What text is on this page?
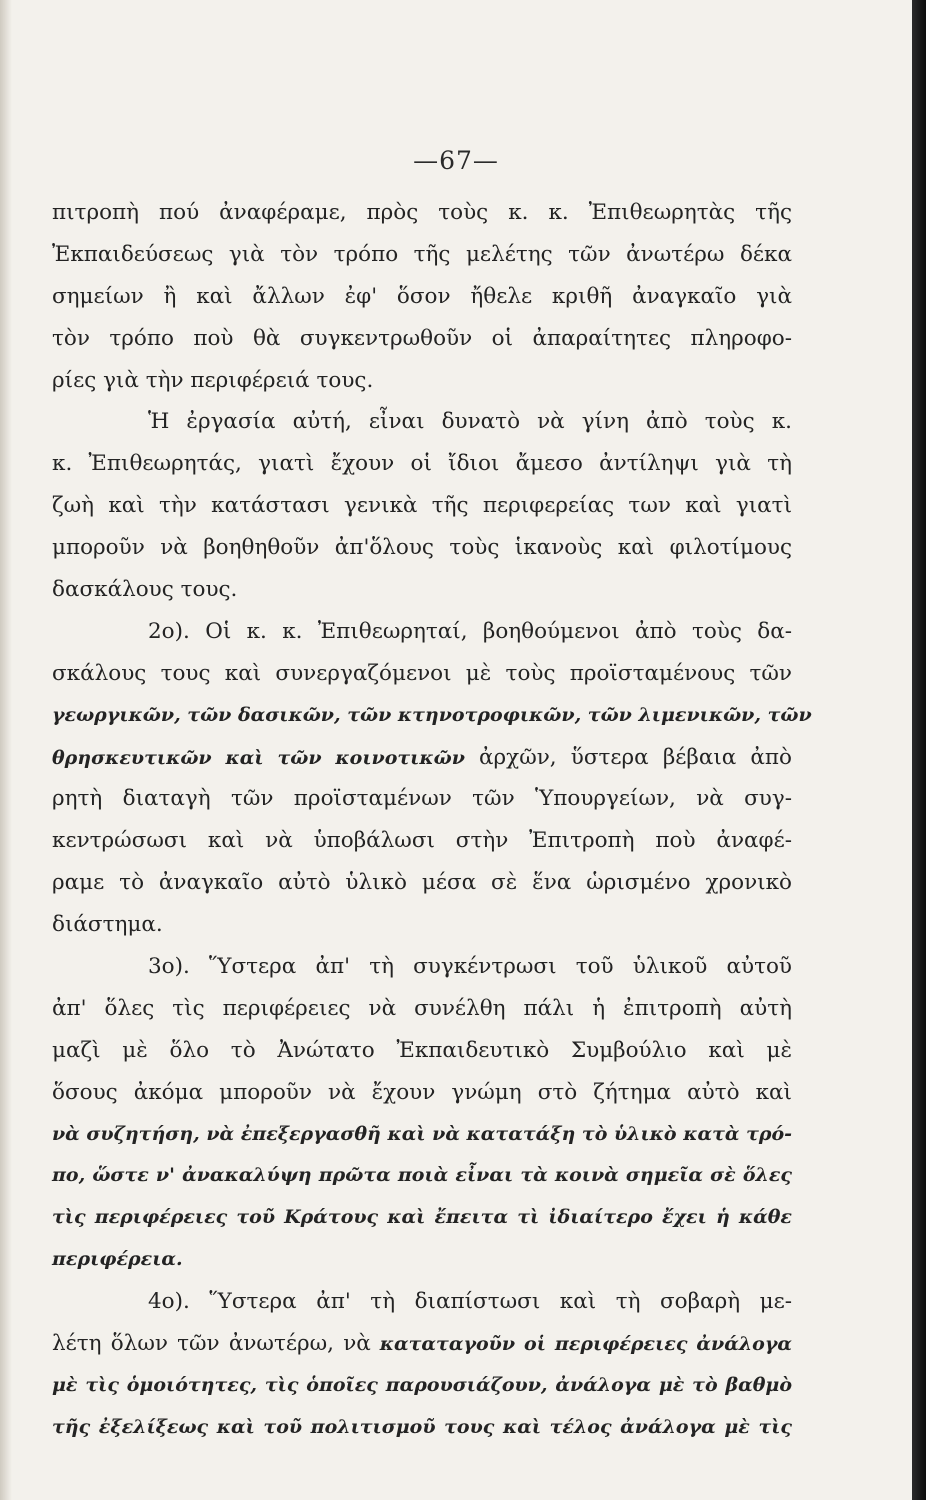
—67—
πιτροπὴ πού ἀναφέραμε, πρὸς τοὺς κ. κ. Ἐπιθεωρητὰς τῆς
Ἐκπαιδεύσεως γιὰ τὸν τρόπο τῆς μελέτης τῶν ἀνωτέρω δέκα
σημείων ἢ καὶ ἄλλων ἐφ' ὅσον ἤθελε κριθῆ ἀναγκαῖο γιὰ
τὸν τρόπο ποὺ θὰ συγκεντρωθοῦν οἱ ἀπαραίτητες πληροφο-
ρίες γιὰ τὴν περιφέρειά τους.
Ἡ ἐργασία αὐτή, εἶναι δυνατὸ νὰ γίνη ἀπὸ τοὺς κ.
κ. Ἐπιθεωρητάς, γιατὶ ἔχουν οἱ ἴδιοι ἄμεσο ἀντίληψι γιὰ τὴ
ζωὴ καὶ τὴν κατάστασι γενικὰ τῆς περιφερείας των καὶ γιατὶ
μποροῦν νὰ βοηθηθοῦν ἀπ'ὅλους τοὺς ἱκανοὺς καὶ φιλοτίμους
δασκάλους τους.
2ο). Οἱ κ. κ. Ἐπιθεωρηταί, βοηθούμενοι ἀπὸ τοὺς δα-
σκάλους τους καὶ συνεργαζόμενοι μὲ τοὺς προϊσταμένους τῶν
γεωργικῶν, τῶν δασικῶν, τῶν κτηνοτροφικῶν, τῶν λιμενικῶν, τῶν
θρησκευτικῶν καὶ τῶν κοινοτικῶν ἀρχῶν, ὕστερα βέβαια ἀπὸ
ρητὴ διαταγὴ τῶν προϊσταμένων τῶν Ὑπουργείων, νὰ συγ-
κεντρώσωσι καὶ νὰ ὑποβάλωσι στὴν Ἐπιτροπὴ ποὺ ἀναφέ-
ραμε τὸ ἀναγκαῖο αὐτὸ ὑλικὸ μέσα σὲ ἕνα ὡρισμένο χρονικὸ
διάστημα.
3ο). Ὕστερα ἀπ' τὴ συγκέντρωσι τοῦ ὑλικοῦ αὐτοῦ
ἀπ' ὅλες τὶς περιφέρειες νὰ συνέλθη πάλι ἡ ἐπιτροπὴ αὐτὴ
μαζὶ μὲ ὅλο τὸ Ἀνώτατο Ἐκπαιδευτικὸ Συμβούλιο καὶ μὲ
ὅσους ἀκόμα μποροῦν νὰ ἔχουν γνώμη στὸ ζήτημα αὐτὸ καὶ
νὰ συζητήση, νὰ ἐπεξεργασθῆ καὶ νὰ κατατάξη τὸ ὑλικὸ κατὰ τρό-
πο, ὥστε ν' ἀνακαλύψη πρῶτα ποιὰ εἶναι τὰ κοινὰ σημεῖα σὲ ὅλες
τὶς περιφέρειες τοῦ Κράτους καὶ ἔπειτα τὶ ἰδιαίτερο ἔχει ἡ κάθε
περιφέρεια.
4ο). Ὕστερα ἀπ' τὴ διαπίστωσι καὶ τὴ σοβαρὴ με-
λέτη ὅλων τῶν ἀνωτέρω, νὰ καταταγοῦν οἱ περιφέρειες ἀνάλογα
μὲ τὶς ὁμοιότητες, τὶς ὁποῖες παρουσιάζουν, ἀνάλογα μὲ τὸ βαθμὸ
τῆς ἐξελίξεως καὶ τοῦ πολιτισμοῦ τους καὶ τέλος ἀνάλογα μὲ τὶς
